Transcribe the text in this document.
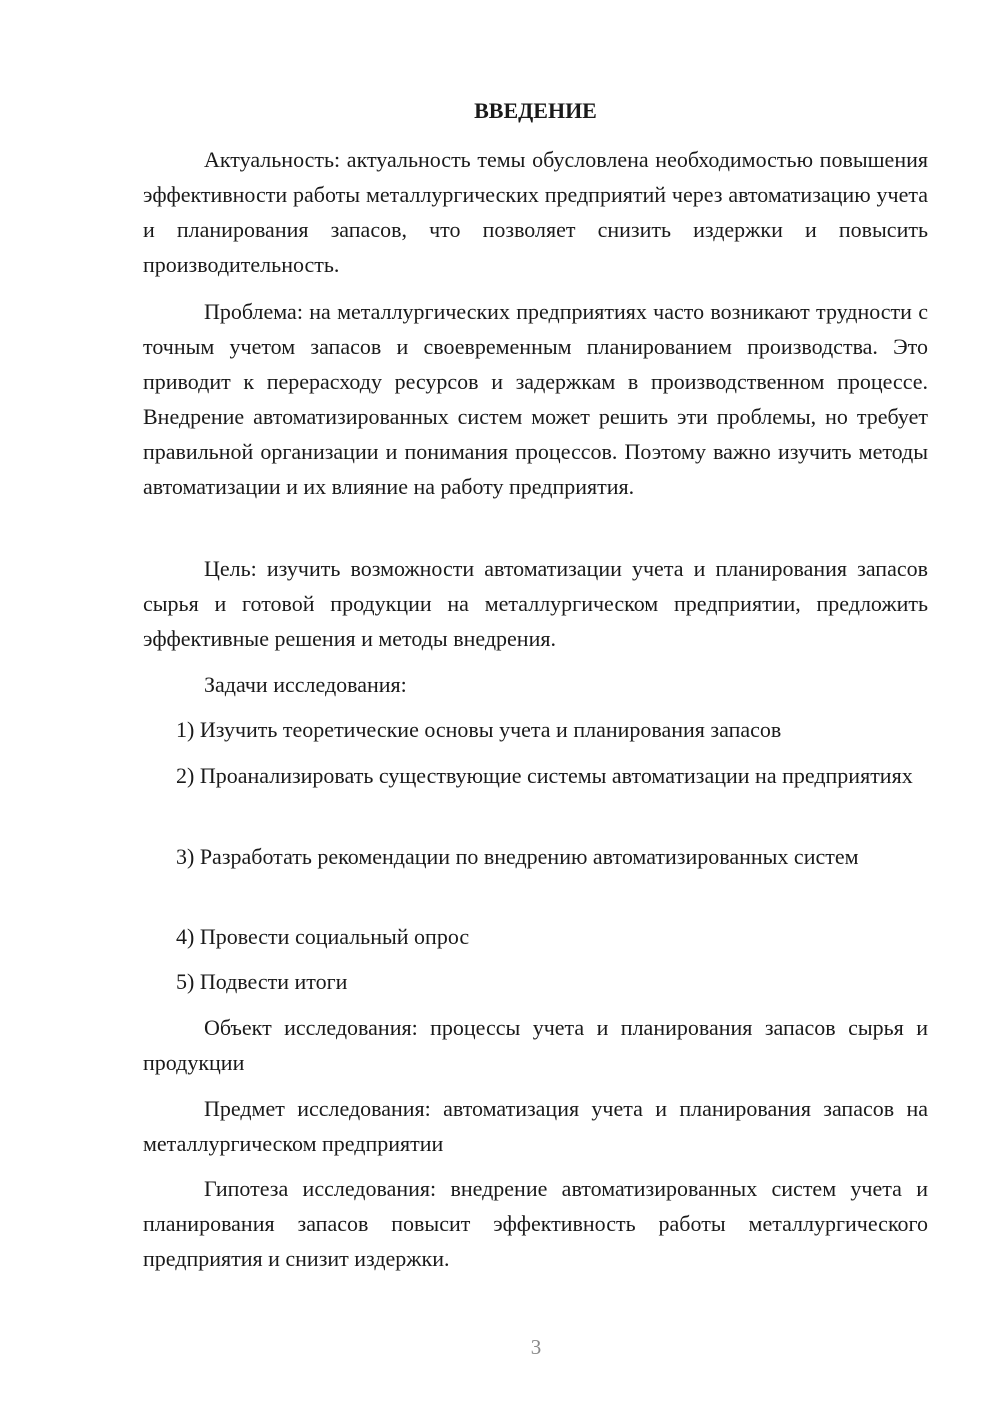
ВВЕДЕНИЕ

Актуальность: актуальность темы обусловлена необходимостью повышения эффективности работы металлургических предприятий через автоматизацию учета и планирования запасов, что позволяет снизить издержки и повысить производительность.

Проблема: на металлургических предприятиях часто возникают трудности с точным учетом запасов и своевременным планированием производства. Это приводит к перерасходу ресурсов и задержкам в производственном процессе. Внедрение автоматизированных систем может решить эти проблемы, но требует правильной организации и понимания процессов. Поэтому важно изучить методы автоматизации и их влияние на работу предприятия.

Цель: изучить возможности автоматизации учета и планирования запасов сырья и готовой продукции на металлургическом предприятии, предложить эффективные решения и методы внедрения.

Задачи исследования:

1) Изучить теоретические основы учета и планирования запасов

2) Проанализировать существующие системы автоматизации на предприятиях

3) Разработать рекомендации по внедрению автоматизированных систем

4) Провести социальный опрос

5) Подвести итоги

Объект исследования: процессы учета и планирования запасов сырья и продукции

Предмет исследования: автоматизация учета и планирования запасов на металлургическом предприятии

Гипотеза исследования: внедрение автоматизированных систем учета и планирования запасов повысит эффективность работы металлургического предприятия и снизит издержки.

3
